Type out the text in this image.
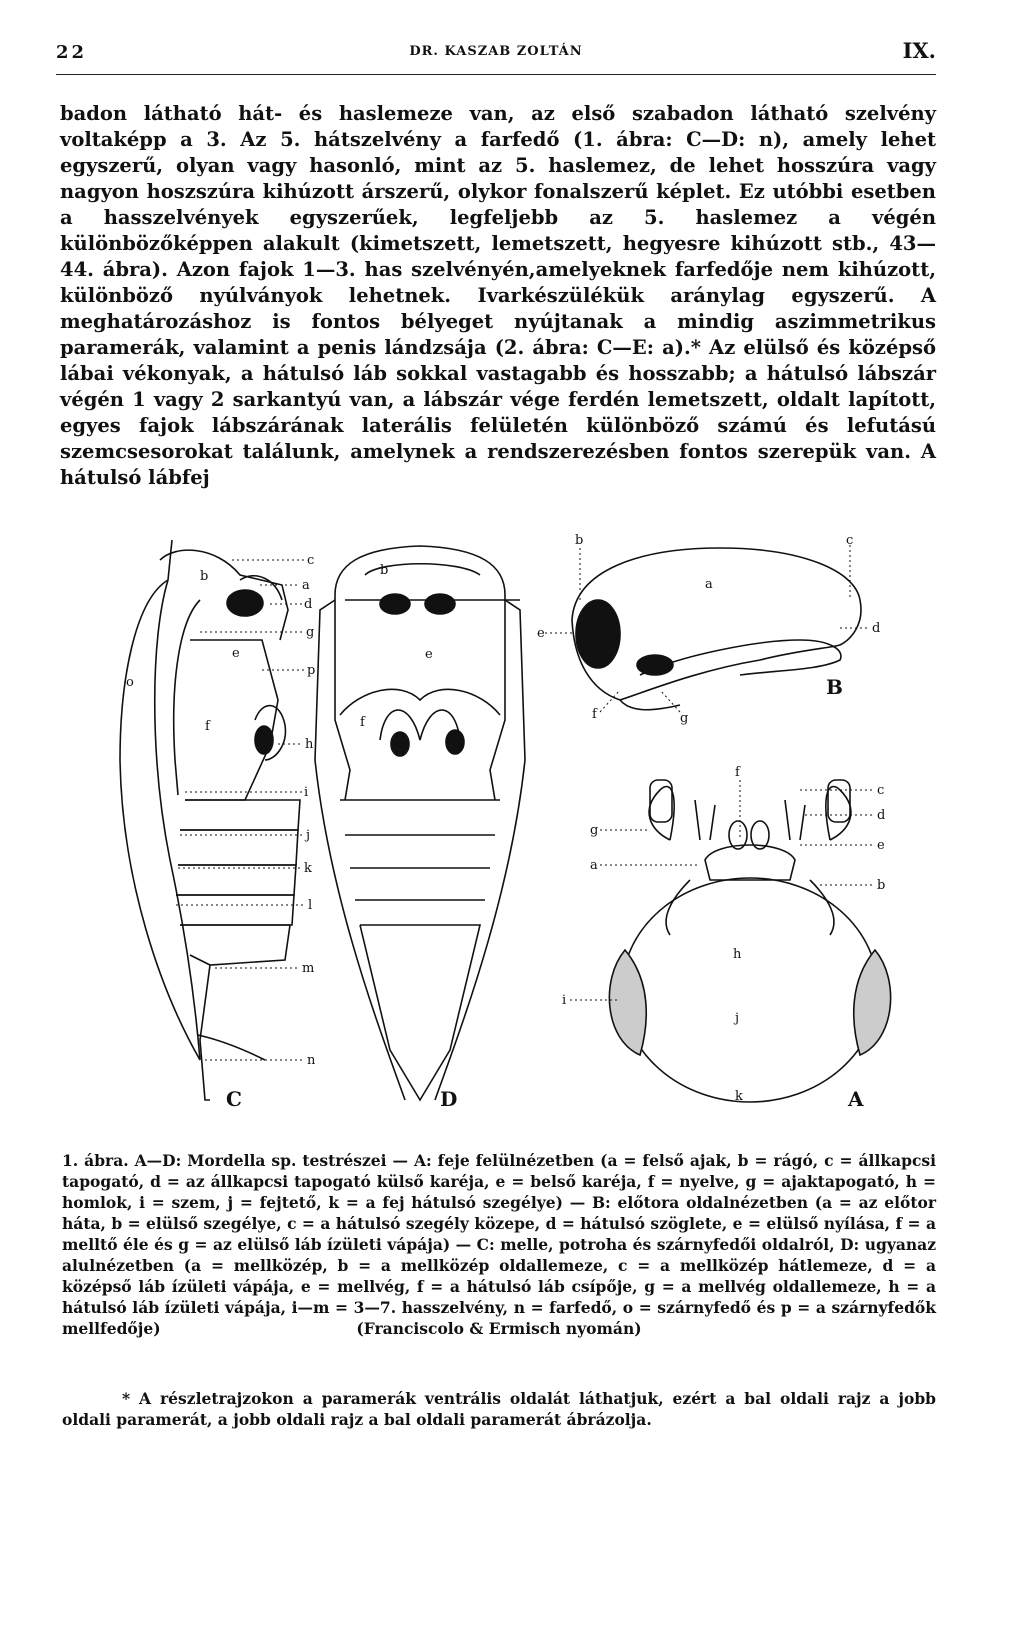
22	DR. KASZAB ZOLTÁN	IX.

badon látható hát- és haslemeze van, az első szabadon látható szelvény voltaképp a 3. Az 5. hátszelvény a farfedő (1. ábra: C—D: n), amely lehet egyszerű, olyan vagy hasonló, mint az 5. haslemez, de lehet hosszúra vagy nagyon hoszszúra kihúzott árszerű, olykor fonalszerű képlet. Ez utóbbi esetben a hasszelvények egyszerűek, legfeljebb az 5. haslemez a végén különbözőképpen alakult (kimetszett, lemetszett, hegyesre kihúzott stb., 43—44. ábra). Azon fajok 1—3. has szelvényén,amelyeknek farfedője nem kihúzott, különböző nyúlványok lehetnek. Ivarkészülékük aránylag egyszerű. A meghatározáshoz is fontos bélyeget nyújtanak a mindig aszimmetrikus paramerák, valamint a penis lándzsája (2. ábra: C—E: a).* Az elülső és középső lábai vékonyak, a hátulsó láb sokkal vastagabb és hosszabb; a hátulsó lábszár végén 1 vagy 2 sarkantyú van, a lábszár vége ferdén lemetszett, oldalt lapított, egyes fajok lábszárának laterális felületén különböző számú és lefutású szemcsesorokat találunk, amelynek a rendszerezésben fontos szerepük van. A hátulsó lábfej

c
a
d
g
p
h
i
j
k
l
m
n
b
e
f
o
C
b
e
f
D
b	c
a
d
e
f	g
B
f
c
d
e
b
g
a
h
j
i
k	A

1. ábra. A—D: Mordella sp. testrészei — A: feje felülnézetben (a = felső ajak, b = rágó, c = állkapcsi tapogató, d = az állkapcsi tapogató külső karéja, e = belső karéja, f = nyelve, g = ajaktapogató, h = homlok, i = szem, j = fejtető, k = a fej hátulsó szegélye) — B: előtora oldalnézetben (a = az előtor háta, b = elülső szegélye, c = a hátulsó szegély közepe, d = hátulsó szöglete, e = elülső nyílása, f = a melltő éle és g = az elülső láb ízületi vápája) — C: melle, potroha és szárnyfedői oldalról, D: ugyanaz alulnézetben (a = mellközép, b = a mellközép oldallemeze, c = a mellközép hátlemeze, d = a középső láb ízületi vápája, e = mellvég, f = a hátulsó láb csípője, g = a mellvég oldallemeze, h = a hátulsó láb ízületi vápája, i—m = 3—7. hasszelvény, n = farfedő, o = szárnyfedő és p = a szárnyfedők mellfedője)	(Franciscolo & Ermisch nyomán)

* A részletrajzokon a paramerák ventrális oldalát láthatjuk, ezért a bal oldali rajz a jobb oldali paramerát, a jobb oldali rajz a bal oldali paramerát ábrázolja.
